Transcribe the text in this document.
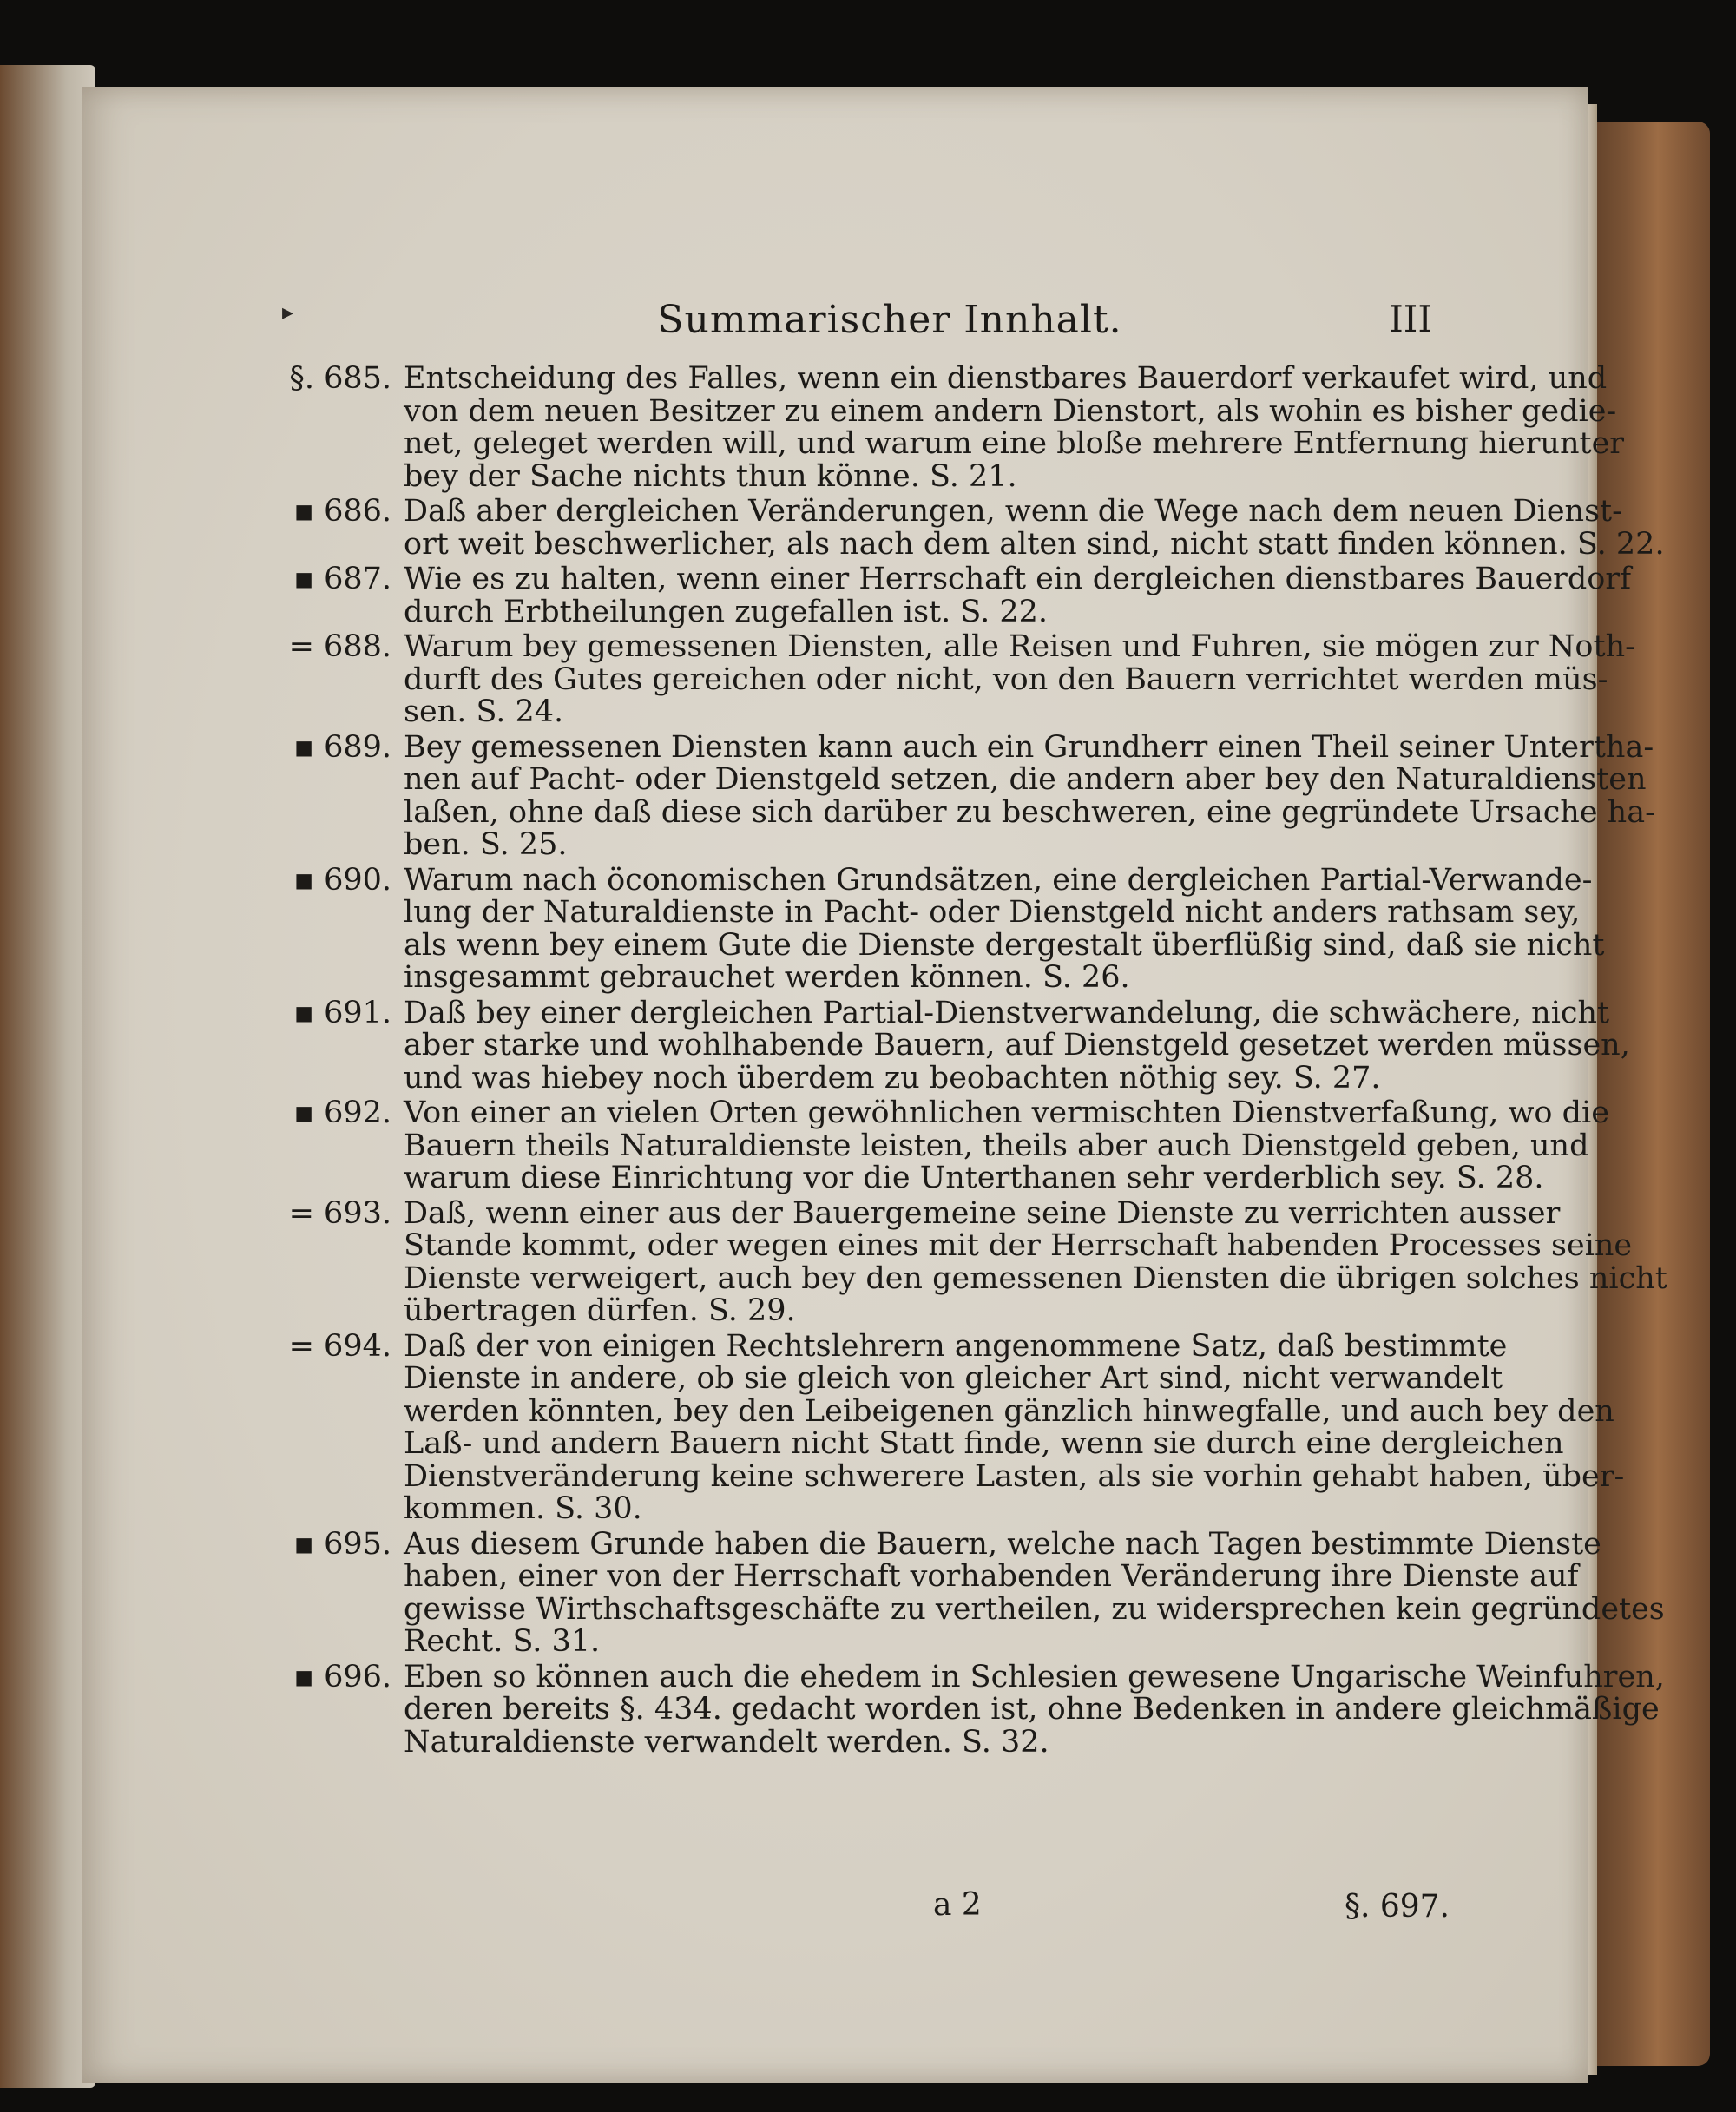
▸	Summarischer Innhalt.	III
§. 685. Entscheidung des Falles, wenn ein dienstbares Bauerdorf verkaufet wird, und
von dem neuen Besitzer zu einem andern Dienstort, als wohin es bisher gedie-
net, geleget werden will, und warum eine bloße mehrere Entfernung hierunter
bey der Sache nichts thun könne. S. 21.
▪ 686. Daß aber dergleichen Veränderungen, wenn die Wege nach dem neuen Dienst-
ort weit beschwerlicher, als nach dem alten sind, nicht statt finden können. S. 22.
▪ 687. Wie es zu halten, wenn einer Herrschaft ein dergleichen dienstbares Bauerdorf
durch Erbtheilungen zugefallen ist. S. 22.
= 688. Warum bey gemessenen Diensten, alle Reisen und Fuhren, sie mögen zur Noth-
durft des Gutes gereichen oder nicht, von den Bauern verrichtet werden müs-
sen. S. 24.
▪ 689. Bey gemessenen Diensten kann auch ein Grundherr einen Theil seiner Untertha-
nen auf Pacht- oder Dienstgeld setzen, die andern aber bey den Naturaldiensten
laßen, ohne daß diese sich darüber zu beschweren, eine gegründete Ursache ha-
ben. S. 25.
▪ 690. Warum nach öconomischen Grundsätzen, eine dergleichen Partial-Verwande-
lung der Naturaldienste in Pacht- oder Dienstgeld nicht anders rathsam sey,
als wenn bey einem Gute die Dienste dergestalt überflüßig sind, daß sie nicht
insgesammt gebrauchet werden können. S. 26.
▪ 691. Daß bey einer dergleichen Partial-Dienstverwandelung, die schwächere, nicht
aber starke und wohlhabende Bauern, auf Dienstgeld gesetzet werden müssen,
und was hiebey noch überdem zu beobachten nöthig sey. S. 27.
▪ 692. Von einer an vielen Orten gewöhnlichen vermischten Dienstverfaßung, wo die
Bauern theils Naturaldienste leisten, theils aber auch Dienstgeld geben, und
warum diese Einrichtung vor die Unterthanen sehr verderblich sey. S. 28.
= 693. Daß, wenn einer aus der Bauergemeine seine Dienste zu verrichten ausser
Stande kommt, oder wegen eines mit der Herrschaft habenden Processes seine
Dienste verweigert, auch bey den gemessenen Diensten die übrigen solches nicht
übertragen dürfen. S. 29.
= 694. Daß der von einigen Rechtslehrern angenommene Satz, daß bestimmte
Dienste in andere, ob sie gleich von gleicher Art sind, nicht verwandelt
werden könnten, bey den Leibeigenen gänzlich hinwegfalle, und auch bey den
Laß- und andern Bauern nicht Statt finde, wenn sie durch eine dergleichen
Dienstveränderung keine schwerere Lasten, als sie vorhin gehabt haben, über-
kommen. S. 30.
▪ 695. Aus diesem Grunde haben die Bauern, welche nach Tagen bestimmte Dienste
haben, einer von der Herrschaft vorhabenden Veränderung ihre Dienste auf
gewisse Wirthschaftsgeschäfte zu vertheilen, zu widersprechen kein gegründetes
Recht. S. 31.
▪ 696. Eben so können auch die ehedem in Schlesien gewesene Ungarische Weinfuhren,
deren bereits §. 434. gedacht worden ist, ohne Bedenken in andere gleichmäßige
Naturaldienste verwandelt werden. S. 32.
a 2	§. 697.
